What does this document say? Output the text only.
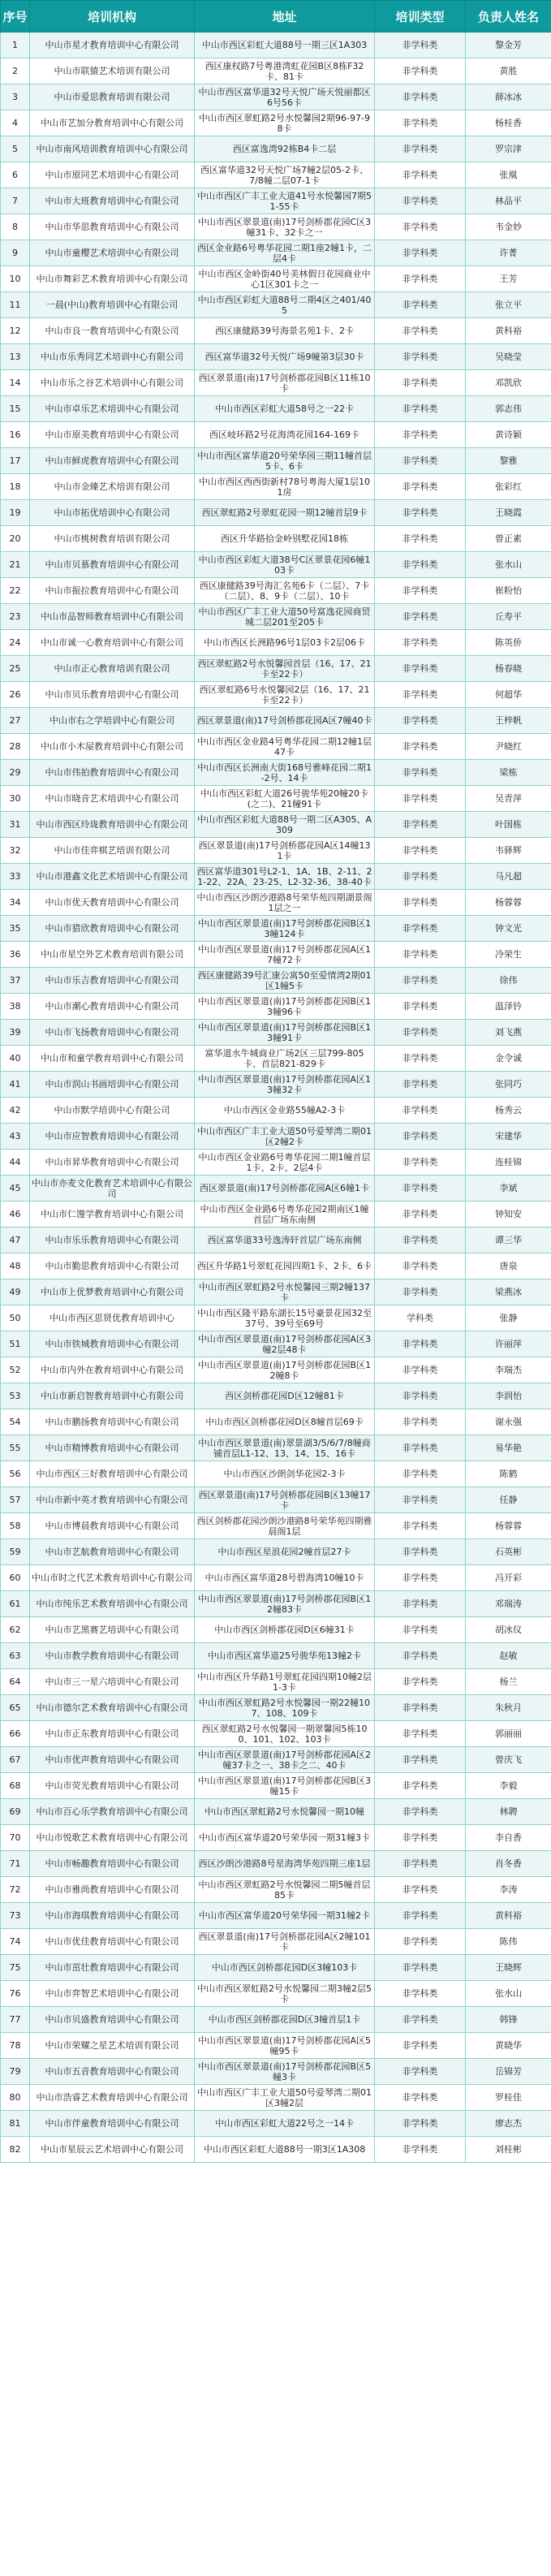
序号	培训机构	地址	培训类型	负责人姓名
1	中山市星才教育培训中心有限公司	中山市西区彩虹大道88号一期三区1A303	非学科类	黎金芳
2	中山市联猿艺术培训有限公司	西区康权路7号粤港湾虹花园B区8栋F32卡、81卡	非学科类	黄胜
3	中山市爱思教育培训有限公司	中山市西区富华道32号天悦广场天悦丽都区6号56卡	非学科类	薛冰冰
4	中山市艺加分教育培训中心有限公司	中山市西区翠虹路2号水悦馨园2期96-97-98卡	非学科类	杨桂香
5	中山市南风培训教育培训中心有限公司	西区富逸湾92栋B4卡二层	非学科类	罗宗津
6	中山市原同艺术培训中心有限公司	西区富华道32号天悦广场7幢2层05-2卡、7/8幢二层07-1卡	非学科类	张凰
7	中山市大班教育培训中心有限公司	中山市西区广丰工业大道41号水悦馨园7期51-55卡	非学科类	林品平
8	中山市华思教育培训中心有限公司	中山市西区翠景道(南)17号剑桥郡花园C区3幢31卡、32卡之一	非学科类	韦金妙
9	中山市童樱艺术培训中心有限公司	西区金业路6号粤华花园二期1座2幢1卡，二层4卡	非学科类	许菁
10	中山市舞彩艺术教育培训中心有限公司	中山市西区金岭街40号美林假日花园商业中心1区301卡之一	非学科类	王芳
11	一晨(中山)教育培训中心有限公司	中山市西区彩虹大道88号二期4区之401/405	非学科类	张立平
12	中山市良一教育培训中心有限公司	西区康健路39号海景名苑1卡、2卡	非学科类	黄科裕
13	中山市乐秀同艺术培训中心有限公司	西区富华道32号天悦广场9幢第3层30卡	非学科类	吴晓莹
14	中山市乐之谷艺术培训中心有限公司	西区翠景道(南)17号剑桥郡花园B区11栋10卡	非学科类	邓凯欣
15	中山市卓乐艺术培训中心有限公司	中山市西区彩虹大道58号之一22卡	非学科类	郭志伟
16	中山市原美教育培训中心有限公司	西区岐环路2号花海湾花园164-169卡	非学科类	黄诗颖
17	中山市鲜虎教育培训中心有限公司	中山市西区富华道20号荣华园三期11幢首层5卡、6卡	非学科类	黎雅
18	中山市金臻艺术培训有限公司	中山市西区西西街新村78号粤海大厦1层101房	非学科类	张彩红
19	中山市拓优培训中心有限公司	西区翠虹路2号翠虹花园一期12幢首层9卡	非学科类	王晓霞
20	中山市桃树教育培训有限公司	西区升华路拾金岭别墅花园18栋	非学科类	曾正素
21	中山市贝慕教育培训中心有限公司	中山市西区彩虹大道38号C区翠景花园6幢103卡	非学科类	张水山
22	中山市振拉教育培训中心有限公司	西区康健路39号海汇名苑6卡（二层）、7卡（二层）、8、9卡（二层）、10卡	非学科类	崔粉怡
23	中山市品智师教育培训中心有限公司	中山市西区广丰工业大道50号富逸花园商贸城二层201至205卡	非学科类	丘寿平
24	中山市诚一心教育培训中心有限公司	中山市西区长洲路96号1层03卡2层06卡	非学科类	陈英侨
25	中山市正心教育培训有限公司	西区翠虹路2号水悦馨园首层（16、17、21卡至22卡）	非学科类	杨春晓
26	中山市贝乐教育培训中心有限公司	西区翠虹路6号水悦馨园2层（16、17、21卡至22卡）	非学科类	何超华
27	中山市右之学培训中心有限公司	西区翠景道(南)17号剑桥郡花园A区7幢40卡	非学科类	王梓帆
28	中山市小木屋教育培训中心有限公司	中山市西区金业路4号粤华花园二期12幢1层47卡	非学科类	尹晓红
29	中山市伟拍教育培训中心有限公司	中山市西区长洲南大街168号雅峰花园二期1-2号、14卡	非学科类	梁栋
30	中山市晓音艺术培训中心有限公司	中山市西区彩虹大道26号骏华苑20幢20卡(之二)、21幢91卡	非学科类	吴青萍
31	中山市西区玲珑教育培训中心有限公司	中山市西区彩虹大道88号一期二区A305、A309	非学科类	叶国栋
32	中山市佳弈棋艺培训有限公司	西区翠景道(南)17号剑桥郡花园A区14幢131卡	非学科类	韦驿辉
33	中山市港鑫文化艺术培训中心有限公司	西区富华道301号L2-1、1A、1B、2-11、21-22、22A、23-25、L2-32-36、38-40卡	非学科类	马凡超
34	中山市优天教育培训中心有限公司	中山市西区沙朗沙港路8号荣华苑四期湖景阁1层之一	非学科类	杨蓉蓉
35	中山市猎欣教育培训中心有限公司	中山市西区翠景道(南)17号剑桥郡花园B区13幢124卡	非学科类	钟文光
36	中山市星空外艺术教育培训有限公司	中山市西区翠景道(南)17号剑桥郡花园A区17幢72卡	非学科类	冷荣生
37	中山市乐吉教育培训中心有限公司	西区康健路39号汇康公寓50至爱情湾2期01区1幢5卡	非学科类	徐伟
38	中山市潮心教育培训中心有限公司	中山市西区翠景道(南)17号剑桥郡花园B区13幢96卡	非学科类	温泽钤
39	中山市飞扬教育培训中心有限公司	中山市西区翠景道(南)17号剑桥郡花园B区13幢91卡	非学科类	刘飞燕
40	中山市和童学教育培训中心有限公司	富华道水牛城商业广场2区三层799-805卡、首层821-829卡	非学科类	金令诚
41	中山市润山书画培训中心有限公司	中山市西区翠景道(南)17号剑桥郡花园A区13幢32卡	非学科类	张同巧
42	中山市默学培训中心有限公司	中山市西区金业路55幢A2-3卡	非学科类	杨秀云
43	中山市应智教育培训中心有限公司	中山市西区广丰工业大道50号爱琴湾二期01区2幢2卡	非学科类	宋建华
44	中山市昇华教育培训中心有限公司	中山市西区金业路6号粤华花园二期1幢首层1卡、2卡、2层4卡	非学科类	连桂锦
45	中山市亦麦文化教育艺术培训中心有限公司	西区翠景道(南)17号剑桥郡花园A区6幢1卡	非学科类	李斌
46	中山市仁馒学教育培训中心有限公司	中山市西区金业路6号粤华花园2期南区1幢首层广场东南侧	非学科类	钟知安
47	中山市乐乐教育培训中心有限公司	西区富华道33号逸涛轩首层广场东南侧	非学科类	谭三华
48	中山市勤思教育培训中心有限公司	西区升华路1号翠虹花园四期1卡、2卡、6卡	非学科类	唐泉
49	中山市上优梦教育培训中心有限公司	中山市西区翠虹路2号水悦馨园三期2幢137卡	非学科类	梁燕冰
50	中山市西区思贤优教育培训中心	中山市西区隆平路东湖长15号豪景花园32至37号、39号至69号	学科类	张静
51	中山市铁城教育培训中心有限公司	中山市西区翠景道(南)17号剑桥郡花园A区3幢2层48卡	非学科类	许丽萍
52	中山市内外在教育培训中心有限公司	中山市西区翠景道(南)17号剑桥郡花园B区12幢8卡	非学科类	李瑞杰
53	中山市新启智教育培训中心有限公司	西区剑桥郡花园D区12幢81卡	非学科类	李润怡
54	中山市鹏扬教育培训中心有限公司	中山市西区剑桥郡花园D区8幢首层69卡	非学科类	谢永强
55	中山市精博教育培训中心有限公司	中山市西区翠景道(南)翠景湖3/5/6/7/8幢商铺首层L1-12、13、14、15、16卡	非学科类	易华艳
56	中山市西区三好教育培训中心有限公司	中山市西区沙朗剑华花园2-3卡	非学科类	陈鹤
57	中山市新中英才教育培训中心有限公司	西区翠景道(南)17号剑桥郡花园B区13幢17卡	非学科类	任静
58	中山市博晨教育培训中心有限公司	西区剑桥郡花园沙朗沙港路8号荣华苑四期雅晨阁1层	非学科类	杨蓉蓉
59	中山市艺航教育培训中心有限公司	中山市西区星浪花园2幢首层27卡	非学科类	石英彬
60	中山市时之代艺术教育培训中心有限公司	中山市西区富华道28号碧海湾10幢10卡	非学科类	冯开彩
61	中山市纯乐艺术教育培训中心有限公司	中山市西区翠景道(南)17号剑桥郡花园B区12幢83卡	非学科类	邓瑞涛
62	中山市艺黑赛艺培训中心有限公司	中山市西区剑桥郡花园D区6幢31卡	非学科类	胡冰仪
63	中山市教学教育培训中心有限公司	中山市西区富华道25号骏华苑13幢2卡	非学科类	赵敏
64	中山市三一星六培训中心有限公司	中山市西区升华路1号翠虹花园四期10幢2层1-3卡	非学科类	杨兰
65	中山市德尔艺术教育培训中心有限公司	中山市西区翠虹路2号水悦馨园一期22幢107、108、109卡	非学科类	朱秋月
66	中山市正东教育培训中心有限公司	西区翠虹路2号水悦馨园一期翠馨园5栋100、101、102、103卡	非学科类	郭丽丽
67	中山市优声教育培训中心有限公司	中山市西区翠景道(南)17号剑桥郡花园A区2幢37卡之一、38卡之二、40卡	非学科类	曾庆飞
68	中山市荧光教育培训中心有限公司	中山市西区翠景道(南)17号剑桥郡花园B区3幢15卡	非学科类	李毅
69	中山市百心乐学教育培训中心有限公司	中山市西区翠虹路2号水悦馨园一期10幢	非学科类	林聘
70	中山市悦歌艺术教育培训中心有限公司	中山市西区富华道20号荣华园一期31幢3卡	非学科类	李自香
71	中山市畅趣教育培训中心有限公司	西区沙朗沙港路8号星海湾华苑四期三座1层	非学科类	肖冬香
72	中山市雅尚教育培训中心有限公司	中山市西区翠虹路2号水悦馨园二期5幢首层85卡	非学科类	李涛
73	中山市海琪教育培训中心有限公司	中山市西区富华道20号荣华园一期31幢2卡	非学科类	黄科裕
74	中山市优佳教育培训中心有限公司	西区翠景道(南)17号剑桥郡花园A区2幢101卡	非学科类	陈伟
75	中山市茁壮教育培训中心有限公司	中山市西区剑桥郡花园D区3幢103卡	非学科类	王晓辉
76	中山市弈智艺术培训中心有限公司	中山市西区翠虹路2号水悦馨园二期3幢2层5卡	非学科类	张水山
77	中山市贝盛教育培训中心有限公司	中山市西区剑桥郡花园D区3幢首层1卡	非学科类	韩锋
78	中山市荣耀之星艺术培训有限公司	中山市西区翠景道(南)17号剑桥郡花园A区5幢95卡	非学科类	黄晓华
79	中山市五音教育培训中心有限公司	中山市西区翠景道(南)17号剑桥郡花园B区5幢3卡	非学科类	岳锦芳
80	中山市浩睿艺术教育培训中心有限公司	中山市西区广丰工业大道50号爱琴湾二期01区3幢2层	非学科类	罗桂佳
81	中山市伴童教育培训中心有限公司	中山市西区彩虹大道22号之一14卡	非学科类	廖志杰
82	中山市星辰云艺术培训中心有限公司	中山市西区彩虹大道88号一期3区1A308	非学科类	刘桂彬
